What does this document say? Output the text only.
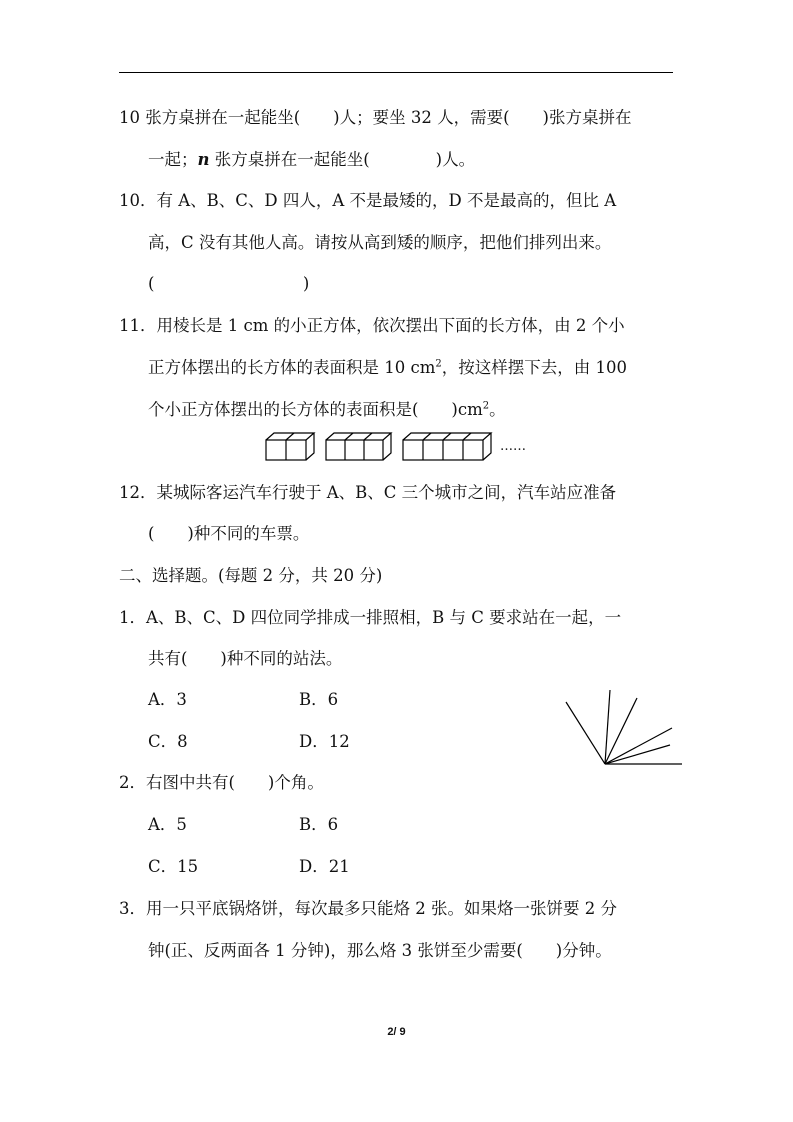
10 张方桌拼在一起能坐(　　)人；要坐 32 人，需要(　　)张方桌拼在
一起；n 张方桌拼在一起能坐(　　　　)人。
10．有 A、B、C、D 四人，A 不是最矮的，D 不是最高的，但比 A
高，C 没有其他人高。请按从高到矮的顺序，把他们排列出来。
(　　　　　　　　　)
11．用棱长是 1 cm 的小正方体，依次摆出下面的长方体，由 2 个小
正方体摆出的长方体的表面积是 10 $cm^2$，按这样摆下去，由 100
个小正方体摆出的长方体的表面积是(　　)$cm^2$。
……
12．某城际客运汽车行驶于 A、B、C 三个城市之间，汽车站应准备
(　　)种不同的车票。
二、选择题。(每题 2 分，共 20 分)
1．A、B、C、D 四位同学排成一排照相，B 与 C 要求站在一起，一
共有(　　)种不同的站法。
A．3	B．6
C．8	D．12
2．右图中共有(　　)个角。
A．5	B．6
C．15	D．21
3．用一只平底锅烙饼，每次最多只能烙 2 张。如果烙一张饼要 2 分
钟(正、反两面各 1 分钟)，那么烙 3 张饼至少需要(　　)分钟。
2/ 9
